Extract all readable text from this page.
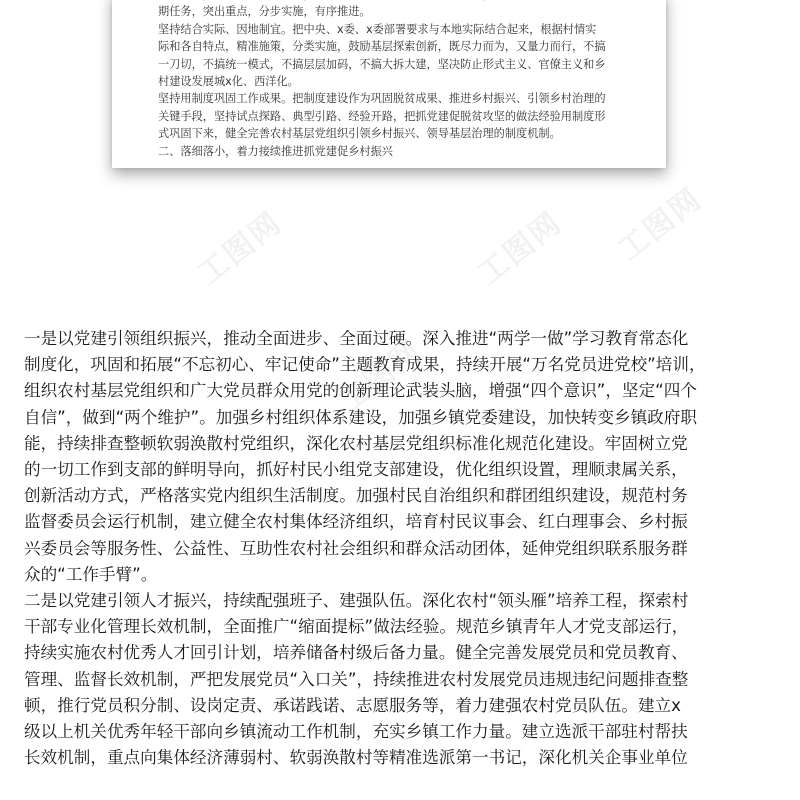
期任务，突出重点，分步实施，有序推进。
坚持结合实际、因地制宜。把中央、x委、x委部署要求与本地实际结合起来，根据村情实
际和各自特点，精准施策，分类实施，鼓励基层探索创新，既尽力而为，又量力而行，不搞
一刀切，不搞统一模式，不搞层层加码，不搞大拆大建，坚决防止形式主义、官僚主义和乡
村建设发展城x化、西洋化。
坚持用制度巩固工作成果。把制度建设作为巩固脱贫成果、推进乡村振兴、引领乡村治理的
关键手段，坚持试点探路、典型引路、经验开路，把抓党建促脱贫攻坚的做法经验用制度形
式巩固下来，健全完善农村基层党组织引领乡村振兴、领导基层治理的制度机制。
二、落细落小，着力接续推进抓党建促乡村振兴
工图网	工图网 工图网
工图网
一是以党建引领组织振兴，推动全面进步、全面过硬。深入推进“两学一做”学习教育常态化
制度化，巩固和拓展“不忘初心、牢记使命”主题教育成果，持续开展“万名党员进党校”培训，
组织农村基层党组织和广大党员群众用党的创新理论武装头脑，增强“四个意识”，坚定“四个
自信”，做到“两个维护”。加强乡村组织体系建设，加强乡镇党委建设，加快转变乡镇政府职
能，持续排查整顿软弱涣散村党组织，深化农村基层党组织标准化规范化建设。牢固树立党
的一切工作到支部的鲜明导向，抓好村民小组党支部建设，优化组织设置，理顺隶属关系，
创新活动方式，严格落实党内组织生活制度。加强村民自治组织和群团组织建设，规范村务
监督委员会运行机制，建立健全农村集体经济组织，培育村民议事会、红白理事会、乡村振
兴委员会等服务性、公益性、互助性农村社会组织和群众活动团体，延伸党组织联系服务群
众的“工作手臂”。
二是以党建引领人才振兴，持续配强班子、建强队伍。深化农村“领头雁”培养工程，探索村
干部专业化管理长效机制，全面推广“缩面提标”做法经验。规范乡镇青年人才党支部运行，
持续实施农村优秀人才回引计划，培养储备村级后备力量。健全完善发展党员和党员教育、
管理、监督长效机制，严把发展党员“入口关”，持续推进农村发展党员违规违纪问题排查整
顿，推行党员积分制、设岗定责、承诺践诺、志愿服务等，着力建强农村党员队伍。建立x
级以上机关优秀年轻干部向乡镇流动工作机制，充实乡镇工作力量。建立选派干部驻村帮扶
长效机制，重点向集体经济薄弱村、软弱涣散村等精准选派第一书记，深化机关企事业单位
